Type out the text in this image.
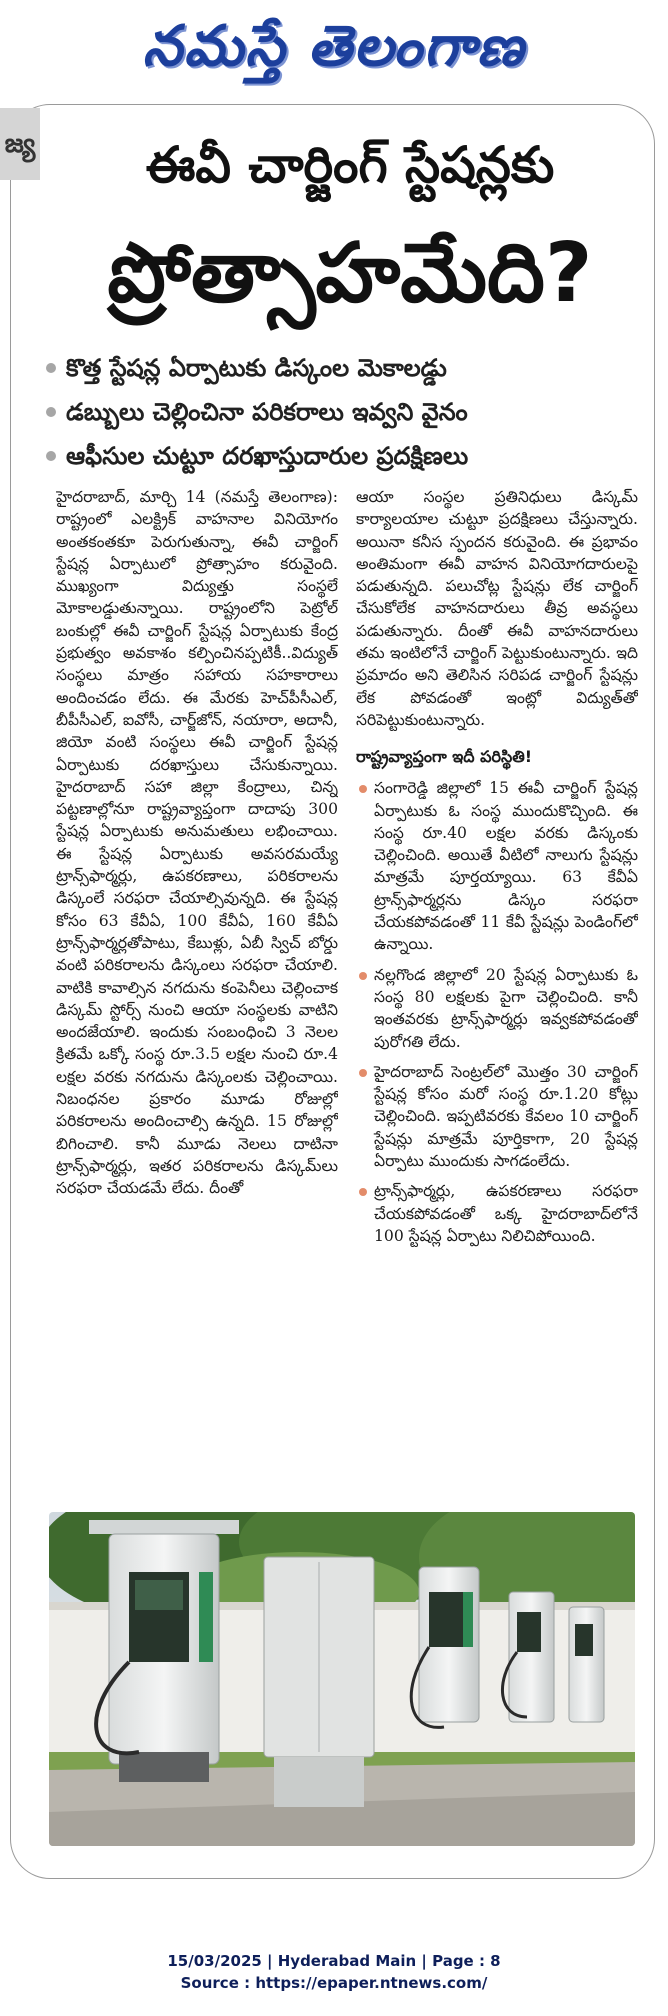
నమస్తే తెలంగాణ
జ్య	ఈవీ చార్జింగ్ స్టేషన్లకు
ప్రోత్సాహమేది?
కొత్త స్టేషన్ల ఏర్పాటుకు డిస్కంల మెకాలడ్డు
డబ్బులు చెల్లించినా పరికరాలు ఇవ్వని వైనం
ఆఫీసుల చుట్టూ దరఖాస్తుదారుల ప్రదక్షిణలు

హైదరాబాద్, మార్చి 14 (నమస్తే తెలంగాణ): రాష్ట్రంలో ఎలక్ట్రిక్ వాహనాల వినియోగం అంతకంతకూ పెరుగుతున్నా, ఈవీ చార్జింగ్ స్టేషన్ల ఏర్పాటులో ప్రోత్సాహం కరువైంది. ముఖ్యంగా విద్యుత్తు సంస్థలే మోకాలడ్డుతున్నాయి. రాష్ట్రంలోని పెట్రోల్ బంకుల్లో ఈవీ చార్జింగ్ స్టేషన్ల ఏర్పాటుకు కేంద్ర ప్రభుత్వం అవకాశం కల్పించినప్పటికీ..విద్యుత్ సంస్థలు మాత్రం సహాయ సహకారాలు అందించడం లేదు. ఈ మేరకు హెచ్‌పీసీఎల్, బీపీసీఎల్, ఐవోసీ, చార్జ్‌జోన్, నయారా, అదానీ, జియో వంటి సంస్థలు ఈవీ చార్జింగ్ స్టేషన్ల ఏర్పాటుకు దరఖాస్తులు చేసుకున్నాయి. హైదరాబాద్ సహా జిల్లా కేంద్రాలు, చిన్న పట్టణాల్లోనూ రాష్ట్రవ్యాప్తంగా దాదాపు 300 స్టేషన్ల ఏర్పాటుకు అనుమతులు లభించాయి. ఈ స్టేషన్ల ఏర్పాటుకు అవసరమయ్యే ట్రాన్స్‌ఫార్మర్లు, ఉపకరణాలు, పరికరాలను డిస్కంలే సరఫరా చేయాల్సివున్నది. ఈ స్టేషన్ల కోసం 63 కేవీఏ, 100 కేవీఏ, 160 కేవీఏ ట్రాన్స్‌ఫార్మర్లతోపాటు, కేబుళ్లు, ఏబీ స్విచ్ బోర్డు వంటి పరికరాలను డిస్కంలు సరఫరా చేయాలి. వాటికి కావాల్సిన నగదును కంపెనీలు చెల్లించాక డిస్కమ్ స్టోర్స్ నుంచి ఆయా సంస్థలకు వాటిని అందజేయాలి. ఇందుకు సంబంధించి 3 నెలల క్రితమే ఒక్కో సంస్థ రూ.3.5 లక్షల నుంచి రూ.4 లక్షల వరకు నగదును డిస్కంలకు చెల్లించాయి. నిబంధనల ప్రకారం మూడు రోజుల్లో పరికరాలను అందించాల్సి ఉన్నది. 15 రోజుల్లో బిగించాలి. కానీ మూడు నెలలు దాటినా ట్రాన్స్‌ఫార్మర్లు, ఇతర పరికరాలను డిస్కమ్‌లు సరఫరా చేయడమే లేదు. దీంతో

ఆయా సంస్థల ప్రతినిధులు డిస్కమ్ కార్యాలయాల చుట్టూ ప్రదక్షిణలు చేస్తున్నారు. అయినా కనీస స్పందన కరువైంది. ఈ ప్రభావం అంతిమంగా ఈవీ వాహన వినియోగదారులపై పడుతున్నది. పలుచోట్ల స్టేషన్లు లేక చార్జింగ్ చేసుకోలేక వాహనదారులు తీవ్ర అవస్థలు పడుతున్నారు. దీంతో ఈవీ వాహనదారులు తమ ఇంటిలోనే చార్జింగ్ పెట్టుకుంటున్నారు. ఇది ప్రమాదం అని తెలిసిన సరిపడ చార్జింగ్ స్టేషన్లు లేక పోవడంతో ఇంట్లో విద్యుత్‌తో సరిపెట్టుకుంటున్నారు.

రాష్ట్రవ్యాప్తంగా ఇదీ పరిస్థితి!
సంగారెడ్డి జిల్లాలో 15 ఈవీ చార్జింగ్ స్టేషన్ల ఏర్పాటుకు ఓ సంస్థ ముందుకొచ్చింది. ఈ సంస్థ రూ.40 లక్షల వరకు డిస్కంకు చెల్లించింది. అయితే వీటిలో నాలుగు స్టేషన్లు మాత్రమే పూర్తయ్యాయి. 63 కేవీఏ ట్రాన్స్‌ఫార్మర్లను డిస్కం సరఫరా చేయకపోవడంతో 11 కేవీ స్టేషన్లు పెండింగ్‌లో ఉన్నాయి.
నల్లగొండ జిల్లాలో 20 స్టేషన్ల ఏర్పాటుకు ఓ సంస్థ 80 లక్షలకు పైగా చెల్లించింది. కానీ ఇంతవరకు ట్రాన్స్‌ఫార్మర్లు ఇవ్వకపోవడంతో పురోగతి లేదు.
హైదరాబాద్ సెంట్రల్‌లో మొత్తం 30 చార్జింగ్ స్టేషన్ల కోసం మరో సంస్థ రూ.1.20 కోట్లు చెల్లించింది. ఇప్పటివరకు కేవలం 10 చార్జింగ్ స్టేషన్లు మాత్రమే పూర్తికాగా, 20 స్టేషన్ల ఏర్పాటు ముందుకు సాగడంలేదు.
ట్రాన్స్‌ఫార్మర్లు, ఉపకరణాలు సరఫరా చేయకపోవడంతో ఒక్క హైదరాబాద్‌లోనే 100 స్టేషన్ల ఏర్పాటు నిలిచిపోయింది.
15/03/2025 | Hyderabad Main | Page : 8
Source : https://epaper.ntnews.com/
